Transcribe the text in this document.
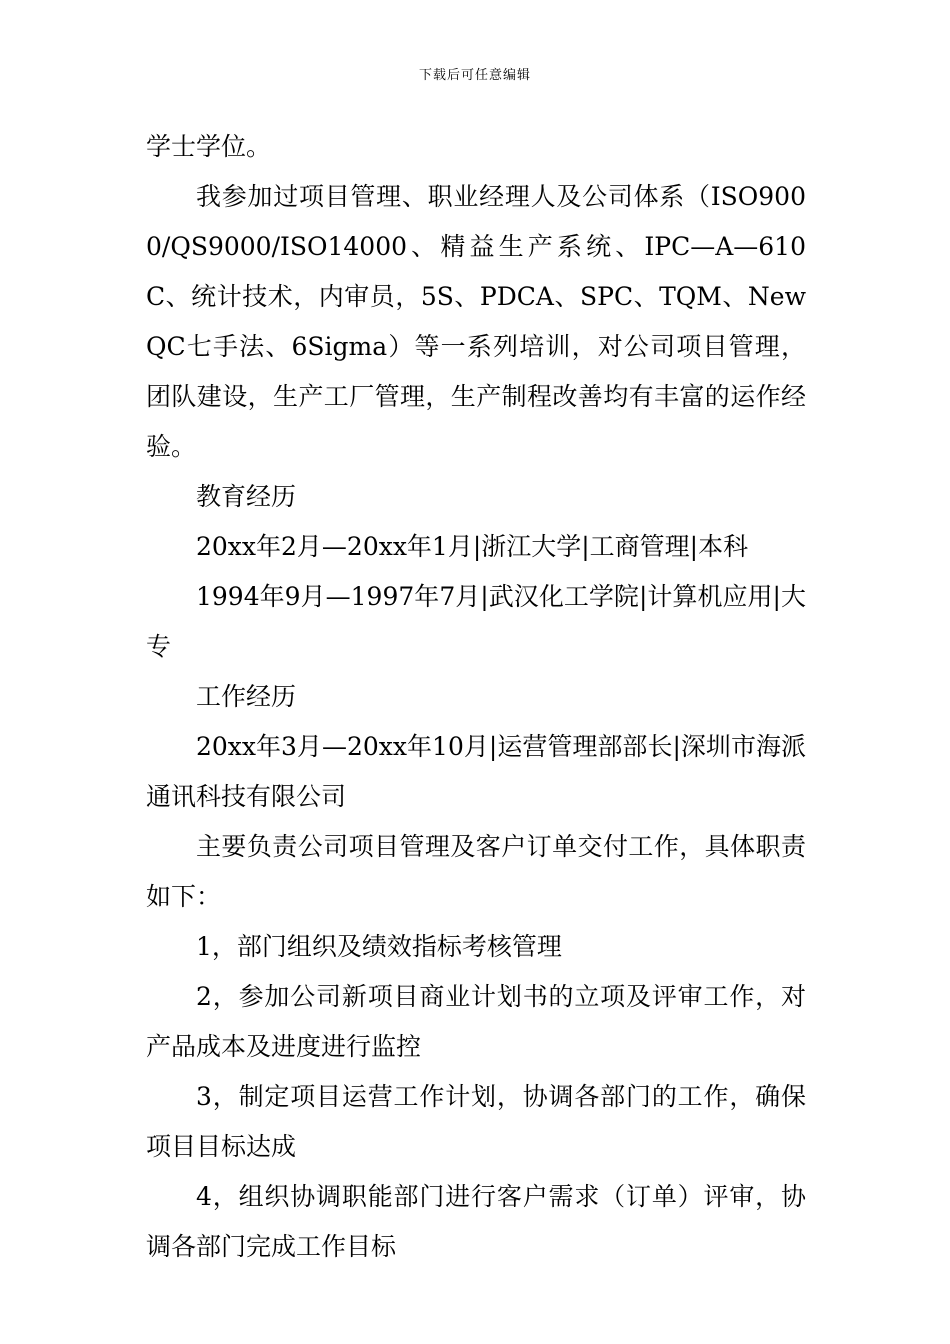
下载后可任意编辑

学士学位。

我参加过项目管理、职业经理人及公司体系（ISO9000/QS9000/ISO14000、精益生产系统、IPC—A—610C、统计技术，内审员，5S、PDCA、SPC、TQM、NewQC七手法、6Sigma）等一系列培训，对公司项目管理，团队建设，生产工厂管理，生产制程改善均有丰富的运作经验。

教育经历

20xx年2月—20xx年1月|浙江大学|工商管理|本科

1994年9月—1997年7月|武汉化工学院|计算机应用|大专

工作经历

20xx年3月—20xx年10月|运营管理部部长|深圳市海派通讯科技有限公司

主要负责公司项目管理及客户订单交付工作，具体职责如下：

1，部门组织及绩效指标考核管理

2，参加公司新项目商业计划书的立项及评审工作，对产品成本及进度进行监控

3，制定项目运营工作计划，协调各部门的工作，确保项目目标达成

4，组织协调职能部门进行客户需求（订单）评审，协调各部门完成工作目标
